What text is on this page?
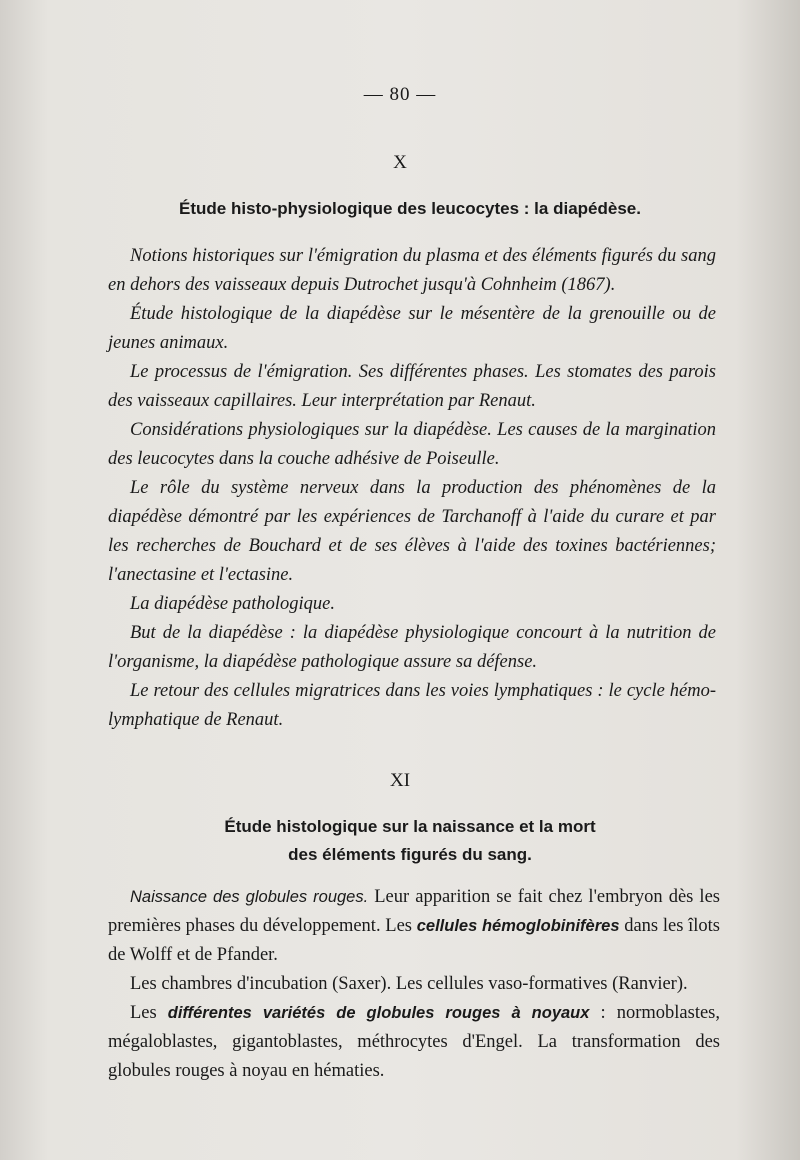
— 80 —
X
Étude histo-physiologique des leucocytes : la diapédèse.

Notions historiques sur l'émigration du plasma et des éléments figurés du sang en dehors des vaisseaux depuis Dutrochet jusqu'à Cohnheim (1867).

Étude histologique de la diapédèse sur le mésentère de la grenouille ou de jeunes animaux.

Le processus de l'émigration. Ses différentes phases. Les stomates des parois des vaisseaux capillaires. Leur interprétation par Renaut.

Considérations physiologiques sur la diapédèse. Les causes de la margination des leucocytes dans la couche adhésive de Poiseulle.

Le rôle du système nerveux dans la production des phénomènes de la diapédèse démontré par les expériences de Tarchanoff à l'aide du curare et par les recherches de Bouchard et de ses élèves à l'aide des toxines bactériennes; l'anectasine et l'ectasine.

La diapédèse pathologique.

But de la diapédèse : la diapédèse physiologique concourt à la nutrition de l'organisme, la diapédèse pathologique assure sa défense.

Le retour des cellules migratrices dans les voies lymphatiques : le cycle hémo-lymphatique de Renaut.

XI
Étude histologique sur la naissance et la mort
des éléments figurés du sang.

Naissance des globules rouges. Leur apparition se fait chez l'embryon dès les premières phases du développement. Les cellules hémoglobinifères dans les îlots de Wolff et de Pfander.

Les chambres d'incubation (Saxer). Les cellules vaso-formatives (Ranvier).

Les différentes variétés de globules rouges à noyaux : normoblastes, mégaloblastes, gigantoblastes, méthrocytes d'Engel. La transformation des globules rouges à noyau en hématies.
